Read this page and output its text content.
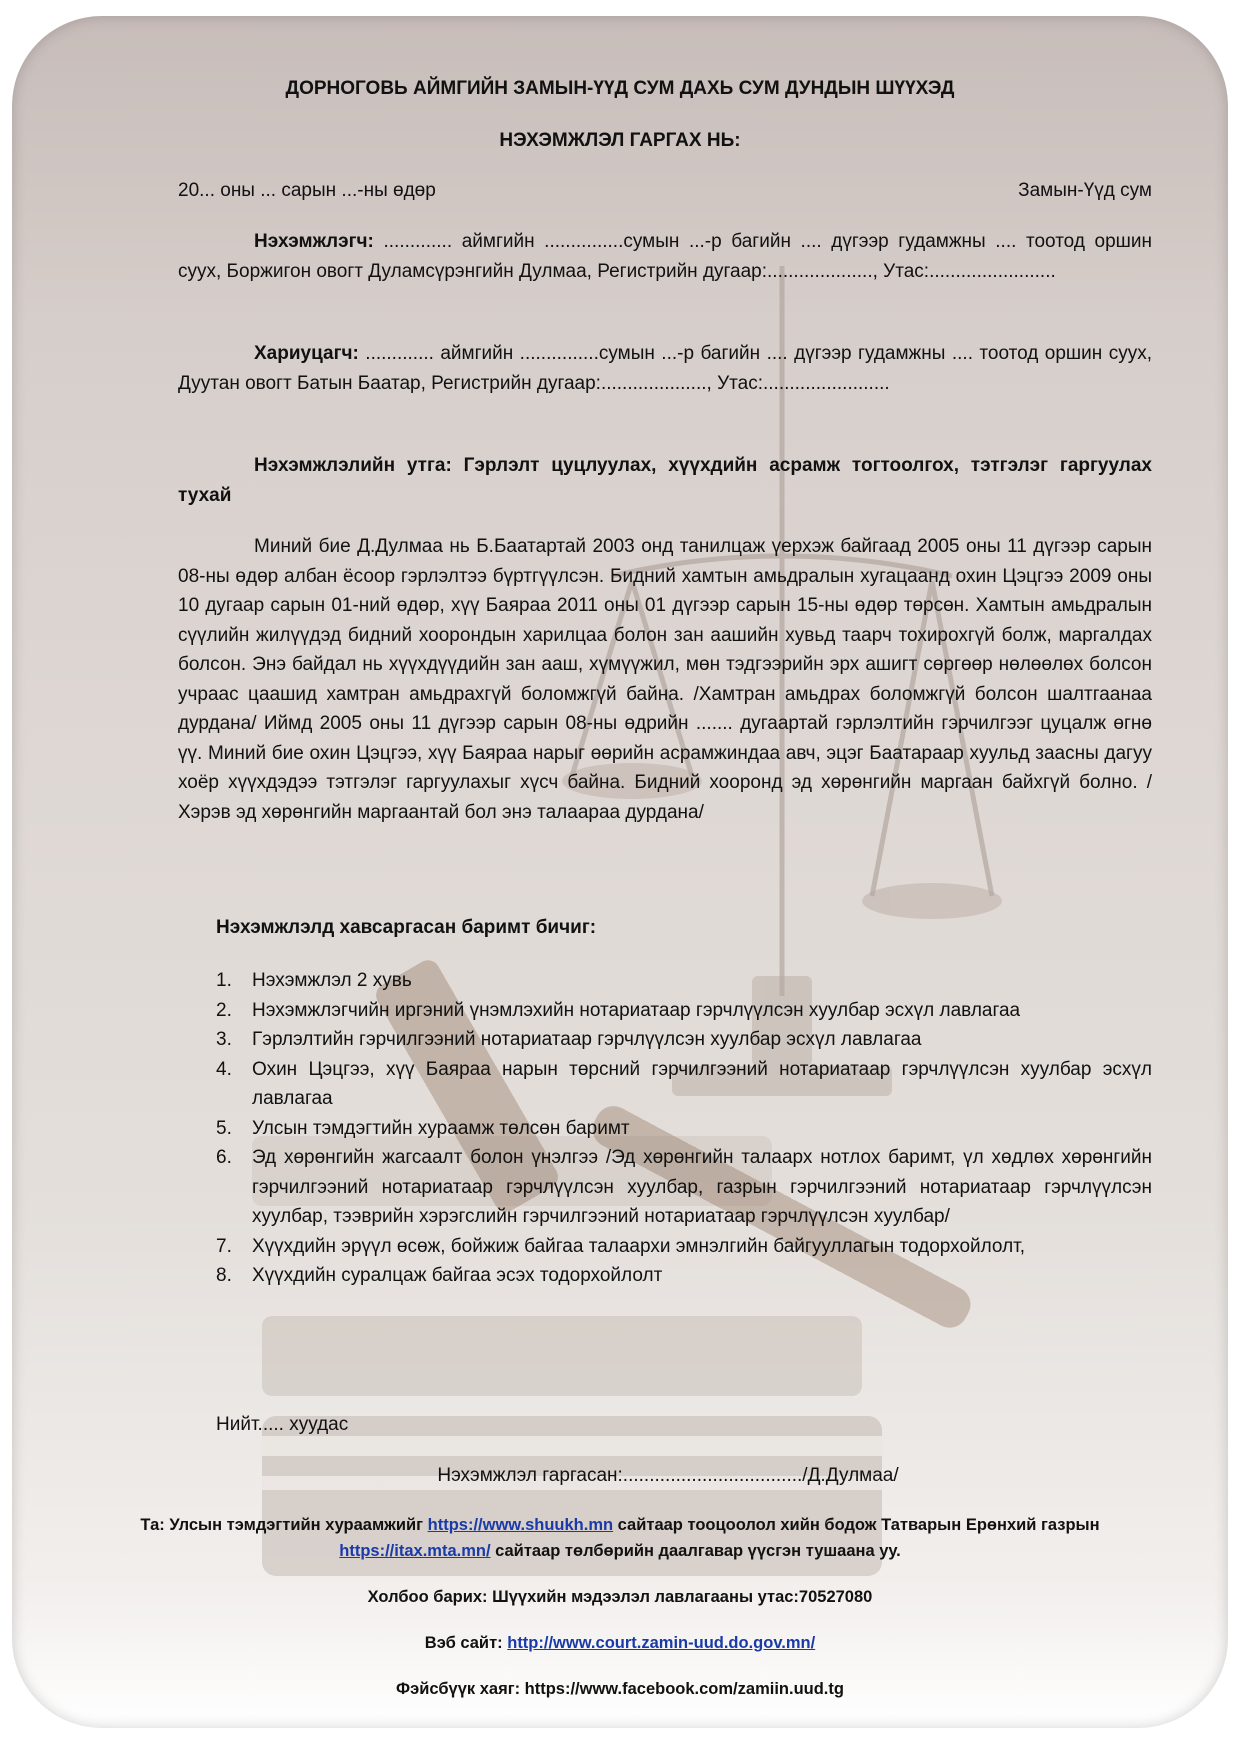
ДОРНОГОВЬ АЙМГИЙН ЗАМЫН-ҮҮД СУМ ДАХЬ СУМ ДУНДЫН ШҮҮХЭД
НЭХЭМЖЛЭЛ ГАРГАХ НЬ:
20... оны ... сарын ...-ны өдөр	Замын-Үүд сум
Нэхэмжлэгч: ............. аймгийн ...............сумын ...-р багийн .... дүгээр гудамжны .... тоотод оршин суух, Боржигон овогт Дуламсүрэнгийн Дулмаа, Регистрийн дугаар:...................., Утас:........................
Хариуцагч: ............. аймгийн ...............сумын ...-р багийн .... дүгээр гудамжны .... тоотод оршин суух, Дуутан овогт Батын Баатар, Регистрийн дугаар:...................., Утас:........................
Нэхэмжлэлийн утга: Гэрлэлт цуцлуулах, хүүхдийн асрамж тогтоолгох, тэтгэлэг гаргуулах тухай
Миний бие Д.Дулмаа нь Б.Баатартай 2003 онд танилцаж үерхэж байгаад 2005 оны 11 дүгээр сарын 08-ны өдөр албан ёсоор гэрлэлтээ бүртгүүлсэн. Бидний хамтын амьдралын хугацаанд охин Цэцгээ 2009 оны 10 дугаар сарын 01-ний өдөр, хүү Баяраа 2011 оны 01 дүгээр сарын 15-ны өдөр төрсөн. Хамтын амьдралын сүүлийн жилүүдэд бидний хоорондын харилцаа болон зан аашийн хувьд таарч тохирохгүй болж, маргалдах болсон. Энэ байдал нь хүүхдүүдийн зан ааш, хүмүүжил, мөн тэдгээрийн эрх ашигт сөргөөр нөлөөлөх болсон учраас цаашид хамтран амьдрахгүй боломжгүй байна. /Хамтран амьдрах боломжгүй болсон шалтгаанаа дурдана/ Иймд 2005 оны 11 дүгээр сарын 08-ны өдрийн ....... дугаартай гэрлэлтийн гэрчилгээг цуцалж өгнө үү. Миний бие охин Цэцгээ, хүү Баяраа нарыг өөрийн асрамжиндаа авч, эцэг Баатараар хуульд заасны дагуу хоёр хүүхдэдээ тэтгэлэг гаргуулахыг хүсч байна. Бидний хооронд эд хөрөнгийн маргаан байхгүй болно. /Хэрэв эд хөрөнгийн маргаантай бол энэ талаараа дурдана/
Нэхэмжлэлд хавсаргасан баримт бичиг:
1.	Нэхэмжлэл 2 хувь
2.	Нэхэмжлэгчийн иргэний үнэмлэхийн нотариатаар гэрчлүүлсэн хуулбар эсхүл лавлагаа
3.	Гэрлэлтийн гэрчилгээний нотариатаар гэрчлүүлсэн хуулбар эсхүл лавлагаа
4.	Охин Цэцгээ, хүү Баяраа нарын төрсний гэрчилгээний нотариатаар гэрчлүүлсэн хуулбар эсхүл лавлагаа
5.	Улсын тэмдэгтийн хураамж төлсөн баримт
6.	Эд хөрөнгийн жагсаалт болон үнэлгээ /Эд хөрөнгийн талаарх нотлох баримт, үл хөдлөх хөрөнгийн гэрчилгээний нотариатаар гэрчлүүлсэн хуулбар, газрын гэрчилгээний нотариатаар гэрчлүүлсэн хуулбар, тээврийн хэрэгслийн гэрчилгээний нотариатаар гэрчлүүлсэн хуулбар/
7.	Хүүхдийн эрүүл өсөж, бойжиж байгаа талаархи эмнэлгийн байгууллагын тодорхойлолт,
8.	Хүүхдийн суралцаж байгаа эсэх тодорхойлолт
Нийт..... хуудас
Нэхэмжлэл гаргасан:................................../Д.Дулмаа/
Та: Улсын тэмдэгтийн хураамжийг https://www.shuukh.mn сайтаар тооцоолол хийн бодож Татварын Ерөнхий газрын
https://itax.mta.mn/ сайтаар төлбөрийн даалгавар үүсгэн тушаана уу.
Холбоо барих: Шүүхийн мэдээлэл лавлагааны утас:70527080
Вэб сайт: http://www.court.zamin-uud.do.gov.mn/
Фэйсбүүк хаяг: https://www.facebook.com/zamiin.uud.tg
